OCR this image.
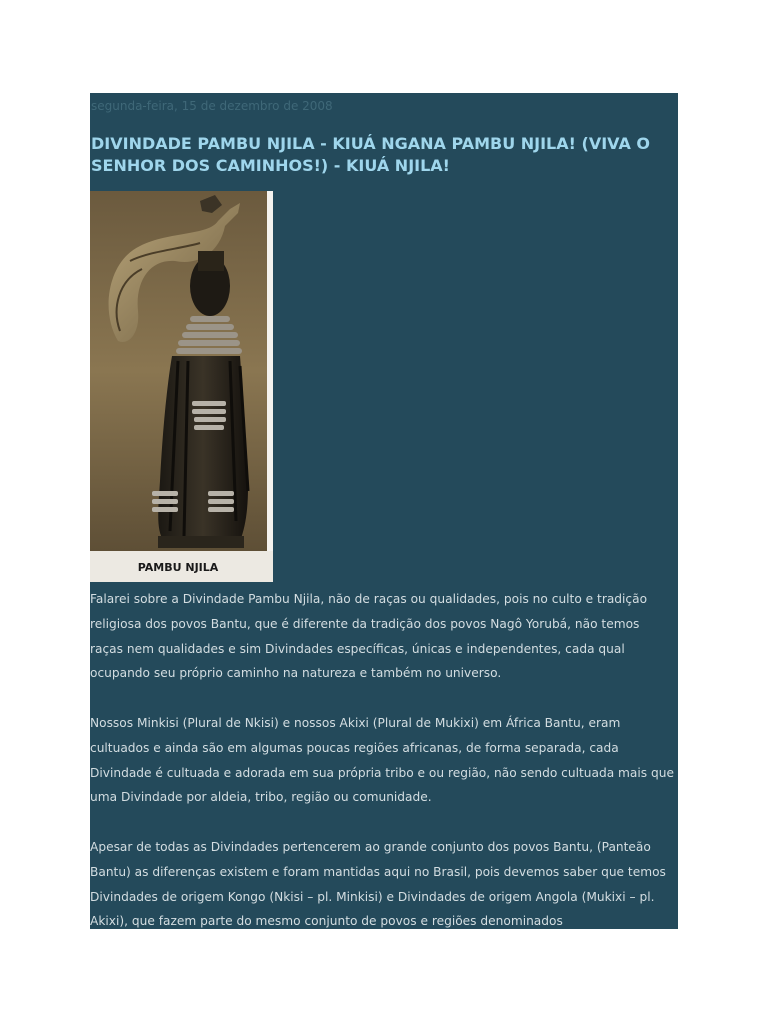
segunda-feira, 15 de dezembro de 2008
DIVINDADE PAMBU NJILA - KIUÁ NGANA PAMBU NJILA! (VIVA O SENHOR DOS CAMINHOS!) - KIUÁ NJILA!
PAMBU NJILA

Falarei sobre a Divindade Pambu Njila, não de raças ou qualidades, pois no culto e tradição religiosa dos povos Bantu, que é diferente da tradição dos povos Nagô Yorubá, não temos raças nem qualidades e sim Divindades específicas, únicas e independentes, cada qual ocupando seu próprio caminho na natureza e também no universo.

Nossos Minkisi (Plural de Nkisi) e nossos Akixi (Plural de Mukixi) em África Bantu, eram cultuados e ainda são em algumas poucas regiões africanas, de forma separada, cada Divindade é cultuada e adorada em sua própria tribo e ou região, não sendo cultuada mais que uma Divindade por aldeia, tribo, região ou comunidade.

Apesar de todas as Divindades pertencerem ao grande conjunto dos povos Bantu, (Panteão Bantu) as diferenças existem e foram mantidas aqui no Brasil, pois devemos saber que temos Divindades de origem Kongo (Nkisi – pl. Minkisi) e Divindades de origem Angola (Mukixi – pl. Akixi), que fazem parte do mesmo conjunto de povos e regiões denominados
